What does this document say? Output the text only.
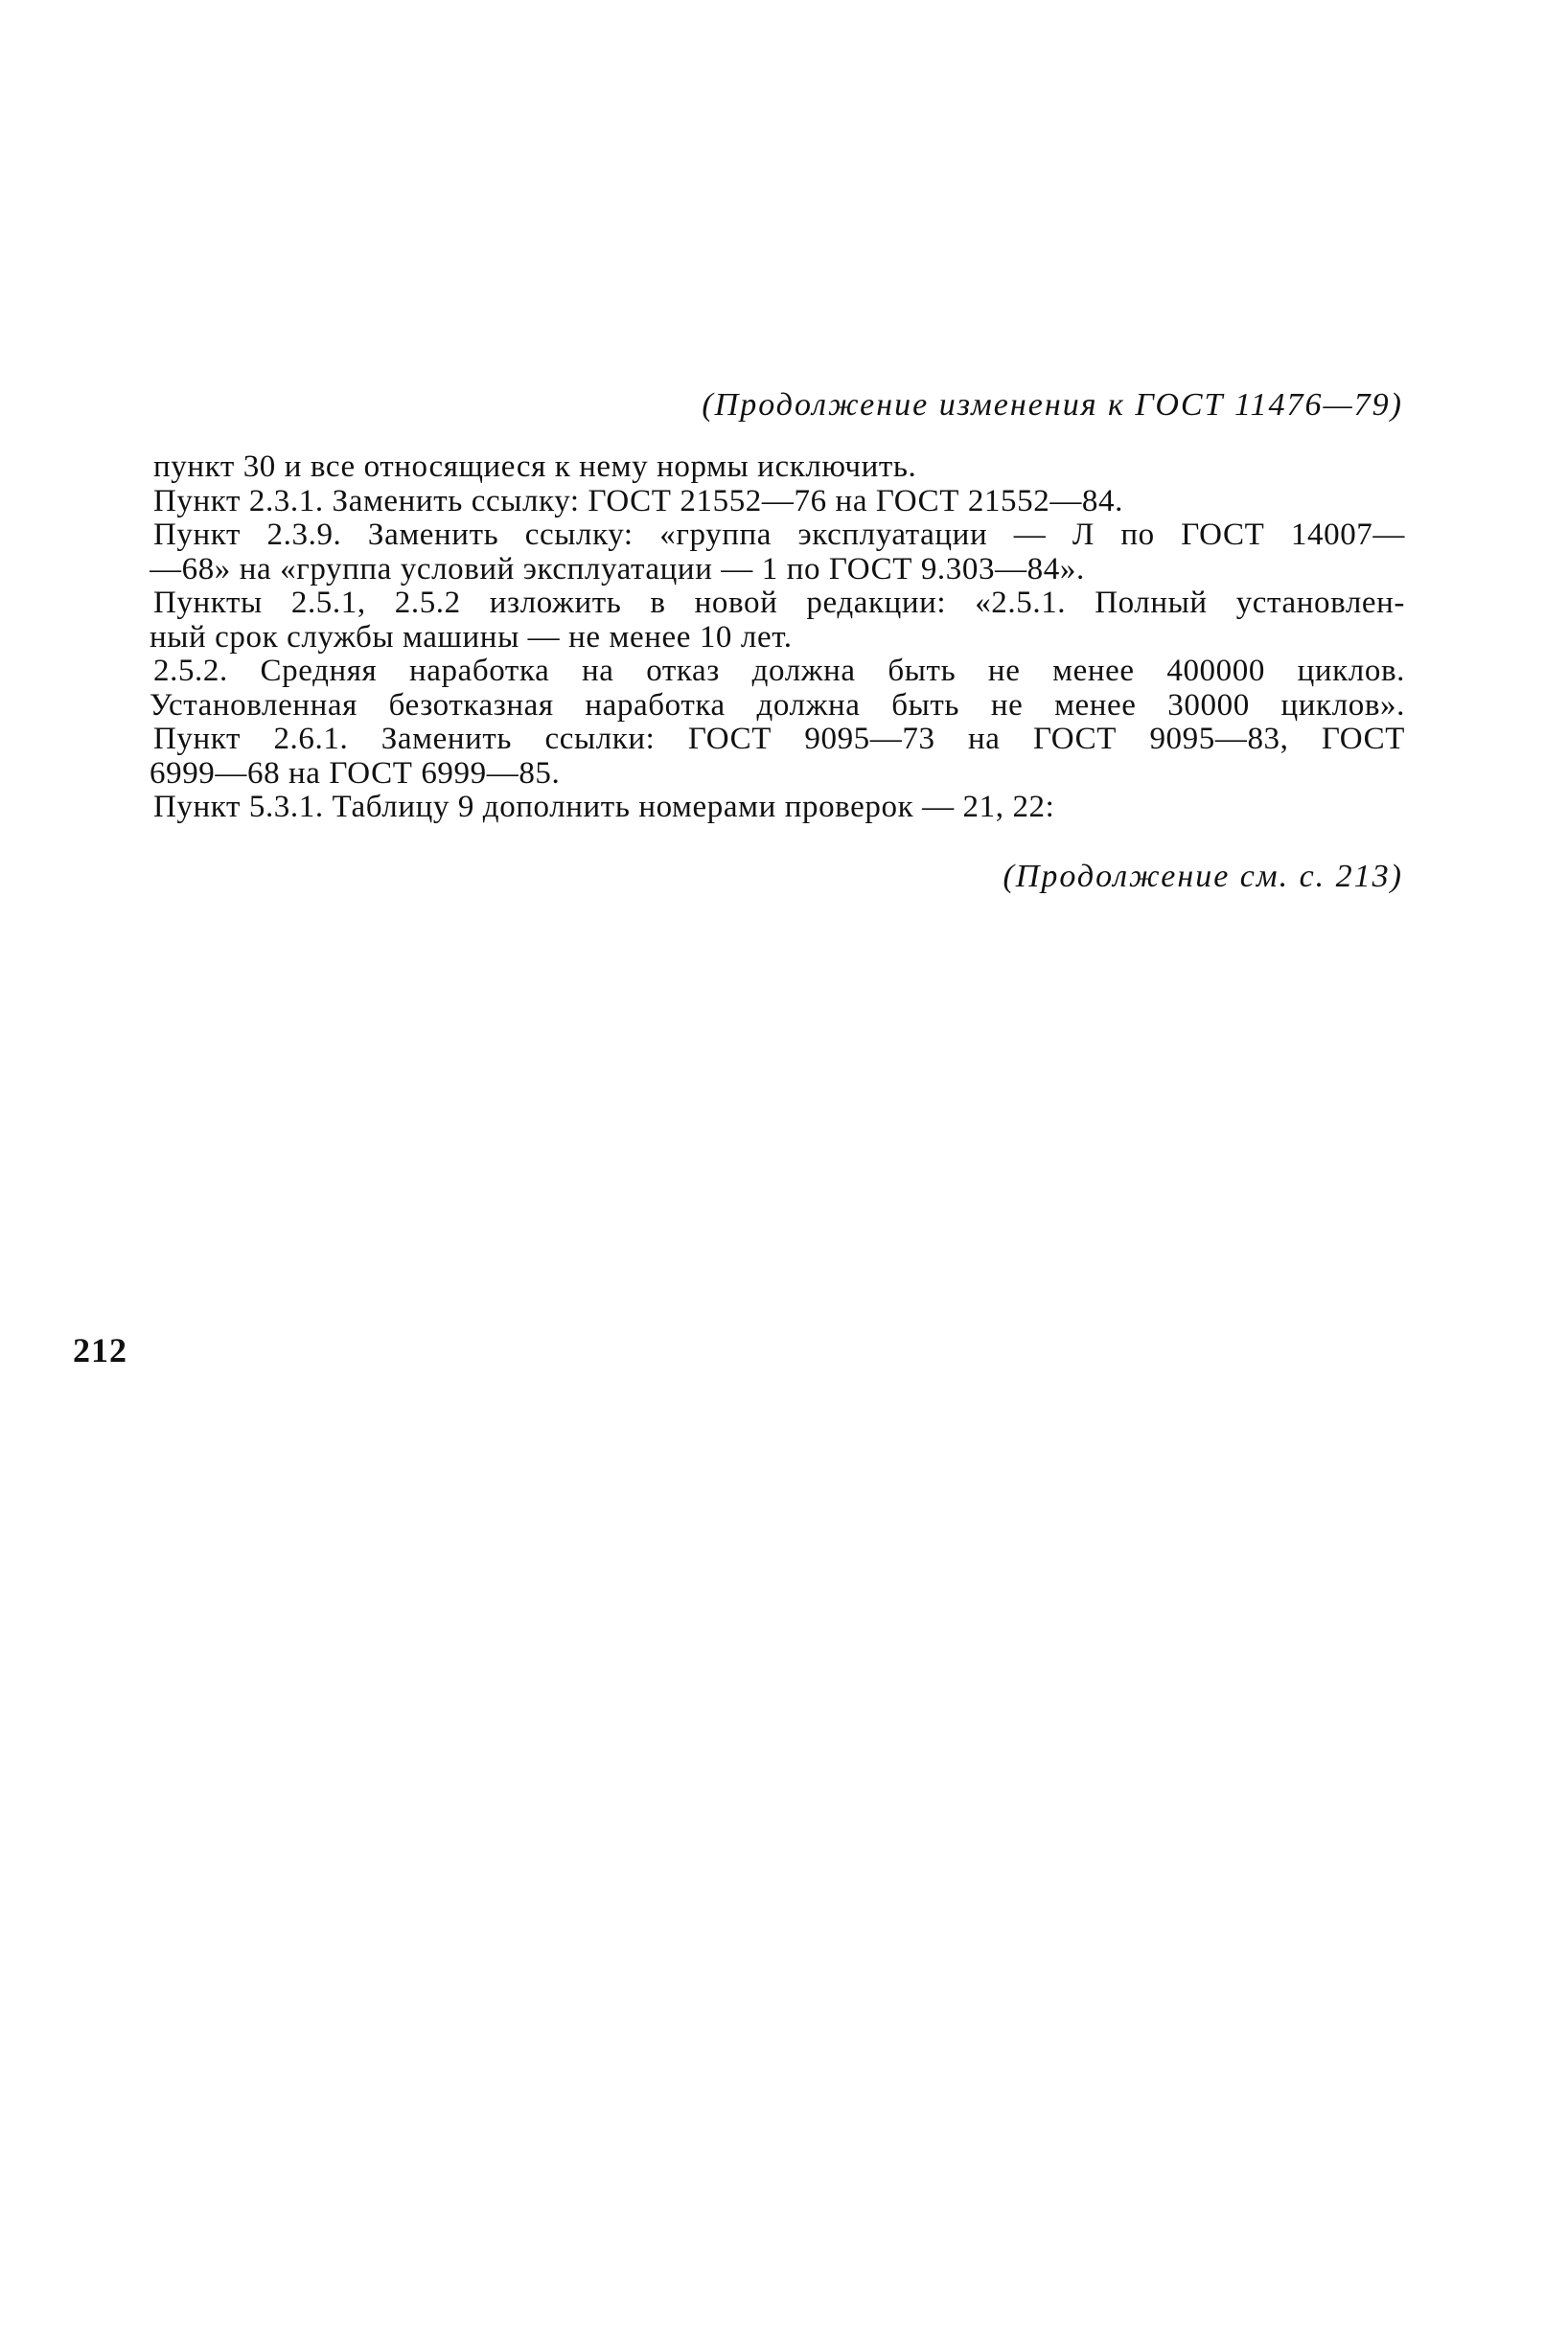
(Продолжение изменения к ГОСТ 11476—79)
пункт 30 и все относящиеся к нему нормы исключить.
Пункт 2.3.1. Заменить ссылку: ГОСТ 21552—76 на ГОСТ 21552—84.
Пункт 2.3.9. Заменить ссылку: «группа эксплуатации — Л по ГОСТ 14007—
—68» на «группа условий эксплуатации — 1 по ГОСТ 9.303—84».
Пункты 2.5.1, 2.5.2 изложить в новой редакции: «2.5.1. Полный установлен-
ный срок службы машины — не менее 10 лет.
2.5.2. Средняя наработка на отказ должна быть не менее 400000 циклов.
Установленная безотказная наработка должна быть не менее 30000 циклов».
Пункт 2.6.1. Заменить ссылки: ГОСТ 9095—73 на ГОСТ 9095—83, ГОСТ
6999—68 на ГОСТ 6999—85.
Пункт 5.3.1. Таблицу 9 дополнить номерами проверок — 21, 22:
(Продолжение см. с. 213)
212
